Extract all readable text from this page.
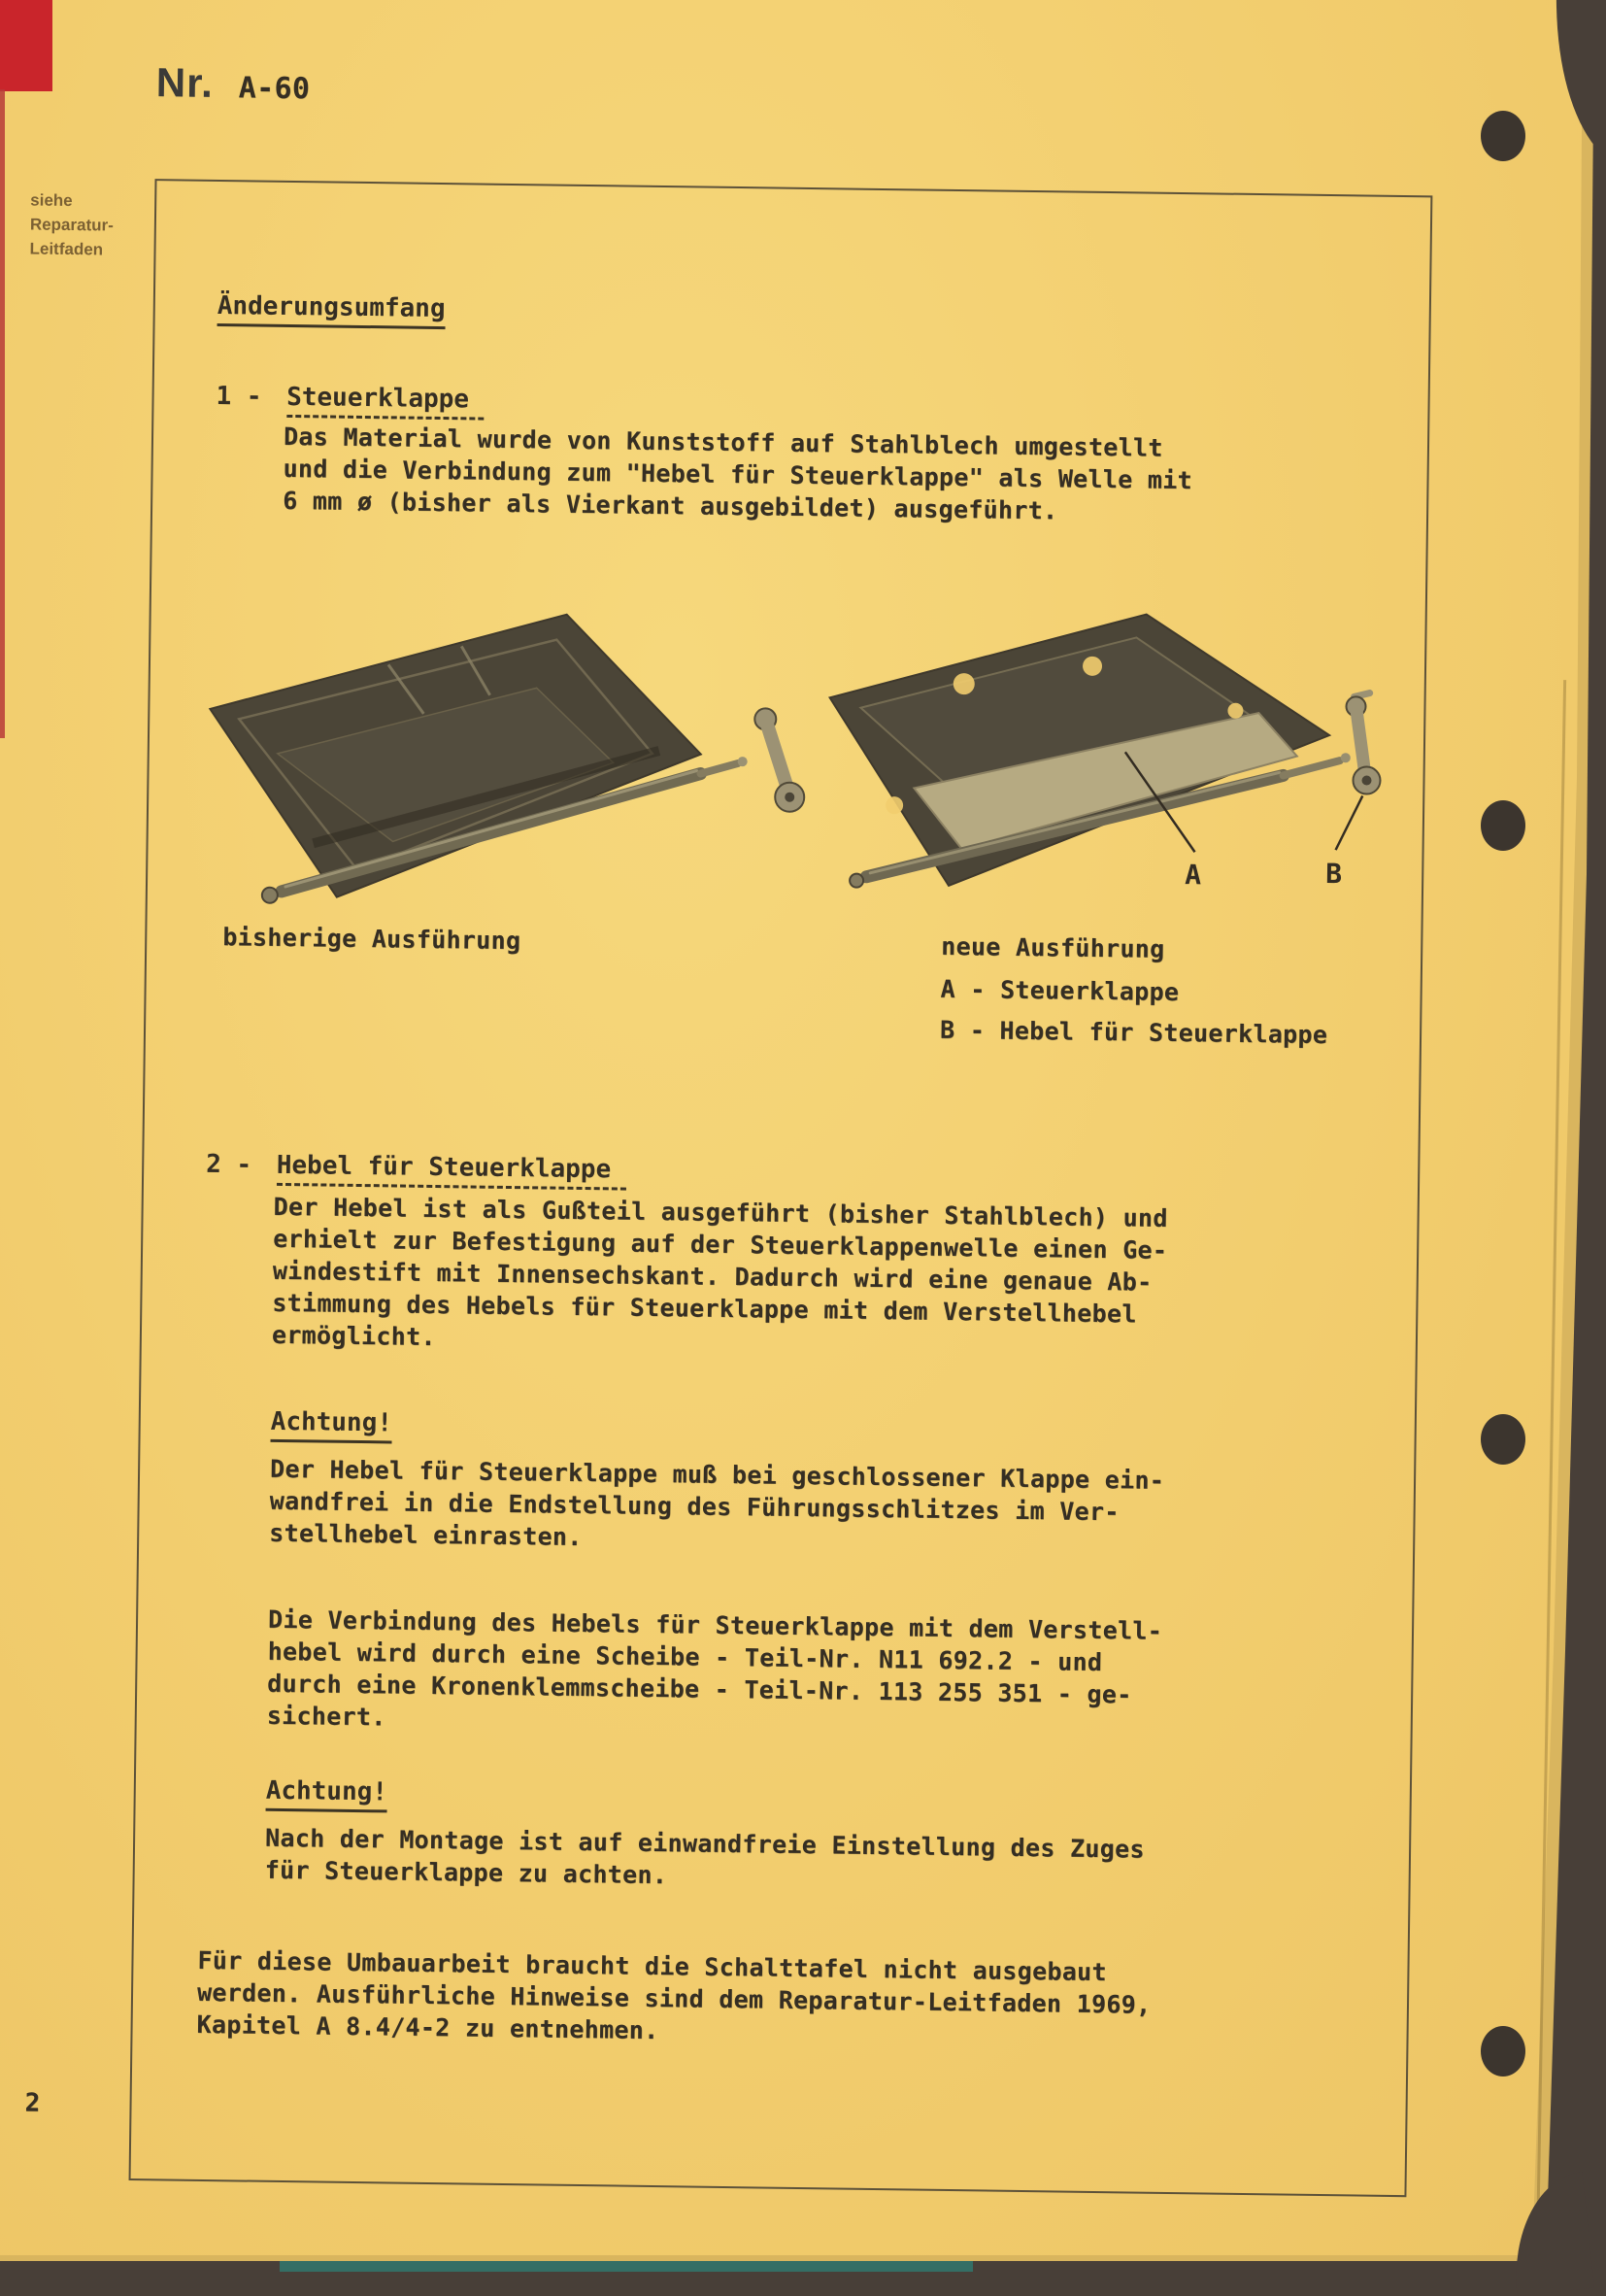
Nr. A-60
siehe
Reparatur-
Leitfaden
Änderungsumfang
1 - Steuerklappe
Das Material wurde von Kunststoff auf Stahlblech umgestellt
und die Verbindung zum "Hebel für Steuerklappe" als Welle mit
6 mm ø (bisher als Vierkant ausgebildet) ausgeführt.
A	B
bisherige Ausführung	neue Ausführung
A - Steuerklappe
B - Hebel für Steuerklappe
2 - Hebel für Steuerklappe
Der Hebel ist als Gußteil ausgeführt (bisher Stahlblech) und
erhielt zur Befestigung auf der Steuerklappenwelle einen Ge-
windestift mit Innensechskant. Dadurch wird eine genaue Ab-
stimmung des Hebels für Steuerklappe mit dem Verstellhebel
ermöglicht.
Achtung!
Der Hebel für Steuerklappe muß bei geschlossener Klappe ein-
wandfrei in die Endstellung des Führungsschlitzes im Ver-
stellhebel einrasten.
Die Verbindung des Hebels für Steuerklappe mit dem Verstell-
hebel wird durch eine Scheibe - Teil-Nr. N11 692.2 - und
durch eine Kronenklemmscheibe - Teil-Nr. 113 255 351 - ge-
sichert.
Achtung!
Nach der Montage ist auf einwandfreie Einstellung des Zuges
für Steuerklappe zu achten.
Für diese Umbauarbeit braucht die Schalttafel nicht ausgebaut
werden. Ausführliche Hinweise sind dem Reparatur-Leitfaden 1969,
Kapitel A 8.4/4-2 zu entnehmen.
2
